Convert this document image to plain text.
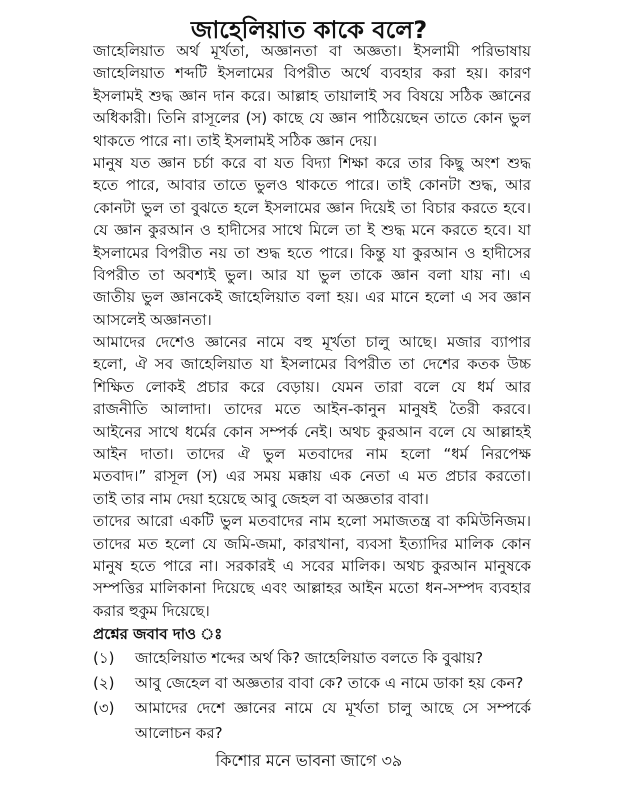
জাহেলিয়াত কাকে বলে?
জাহেলিয়াত অর্থ মূর্খতা, অজ্ঞানতা বা অজ্ঞতা। ইসলামী পরিভাষায়
জাহেলিয়াত শব্দটি ইসলামের বিপরীত অর্থে ব্যবহার করা হয়। কারণ
ইসলামই শুদ্ধ জ্ঞান দান করে। আল্লাহ তায়ালাই সব বিষয়ে সঠিক জ্ঞানের
অধিকারী। তিনি রাসূলের (স) কাছে যে জ্ঞান পাঠিয়েছেন তাতে কোন ভুল
থাকতে পারে না। তাই ইসলামই সঠিক জ্ঞান দেয়।
মানুষ যত জ্ঞান চর্চা করে বা যত বিদ্যা শিক্ষা করে তার কিছু অংশ শুদ্ধ
হতে পারে, আবার তাতে ভুলও থাকতে পারে। তাই কোনটা শুদ্ধ, আর
কোনটা ভুল তা বুঝতে হলে ইসলামের জ্ঞান দিয়েই তা বিচার করতে হবে।
যে জ্ঞান কুরআন ও হাদীসের সাথে মিলে তা ই শুদ্ধ মনে করতে হবে। যা
ইসলামের বিপরীত নয় তা শুদ্ধ হতে পারে। কিন্তু যা কুরআন ও হাদীসের
বিপরীত তা অবশ্যই ভুল। আর যা ভুল তাকে জ্ঞান বলা যায় না। এ
জাতীয় ভুল জ্ঞানকেই জাহেলিয়াত বলা হয়। এর মানে হলো এ সব জ্ঞান
আসলেই অজ্ঞানতা।
আমাদের দেশেও জ্ঞানের নামে বহু মূর্খতা চালু আছে। মজার ব্যাপার
হলো, ঐ সব জাহেলিয়াত যা ইসলামের বিপরীত তা দেশের কতক উচ্চ
শিক্ষিত লোকই প্রচার করে বেড়ায়। যেমন তারা বলে যে ধর্ম আর
রাজনীতি আলাদা। তাদের মতে আইন-কানুন মানুষই তৈরী করবে।
আইনের সাথে ধর্মের কোন সম্পর্ক নেই। অথচ কুরআন বলে যে আল্লাহই
আইন দাতা। তাদের ঐ ভুল মতবাদের নাম হলো “ধর্ম নিরপেক্ষ
মতবাদ।” রাসূল (স) এর সময় মক্কায় এক নেতা এ মত প্রচার করতো।
তাই তার নাম দেয়া হয়েছে আবু জেহল বা অজ্ঞতার বাবা।
তাদের আরো একটি ভুল মতবাদের নাম হলো সমাজতন্ত্র বা কমিউনিজম।
তাদের মত হলো যে জমি-জমা, কারখানা, ব্যবসা ইত্যাদির মালিক কোন
মানুষ হতে পারে না। সরকারই এ সবের মালিক। অথচ কুরআন মানুষকে
সম্পত্তির মালিকানা দিয়েছে এবং আল্লাহর আইন মতো ধন-সম্পদ ব্যবহার
করার হুকুম দিয়েছে।
প্রশ্নের জবাব দাও ঃ
(১)	জাহেলিয়াত শব্দের অর্থ কি? জাহেলিয়াত বলতে কি বুঝায়?
(২)	আবু জেহেল বা অজ্ঞতার বাবা কে? তাকে এ নামে ডাকা হয় কেন?
(৩)	আমাদের দেশে জ্ঞানের নামে যে মূর্খতা চালু আছে সে সম্পর্কে
আলোচন কর?
কিশোর মনে ভাবনা জাগে ৩৯
